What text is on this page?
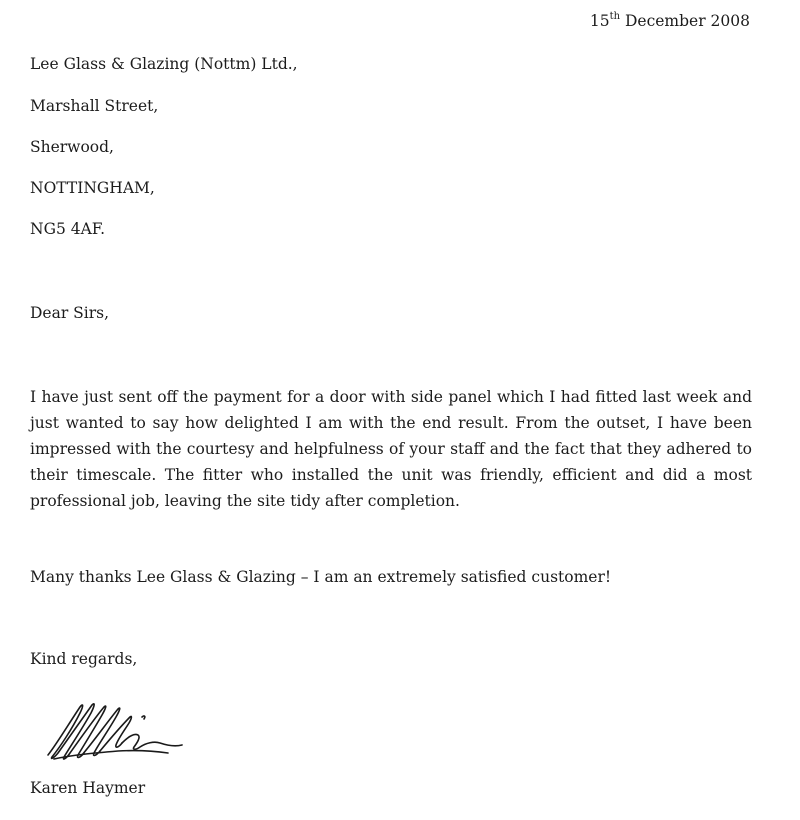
15th December 2008
Lee Glass & Glazing (Nottm) Ltd.,
Marshall Street,
Sherwood,
NOTTINGHAM,
NG5 4AF.
Dear Sirs,

I have just sent off the payment for a door with side panel which I had fitted last week and just wanted to say how delighted I am with the end result. From the outset, I have been impressed with the courtesy and helpfulness of your staff and the fact that they adhered to their timescale. The fitter who installed the unit was friendly, efficient and did a most professional job, leaving the site tidy after completion.

Many thanks Lee Glass & Glazing – I am an extremely satisfied customer!
Kind regards,
Karen Haymer
